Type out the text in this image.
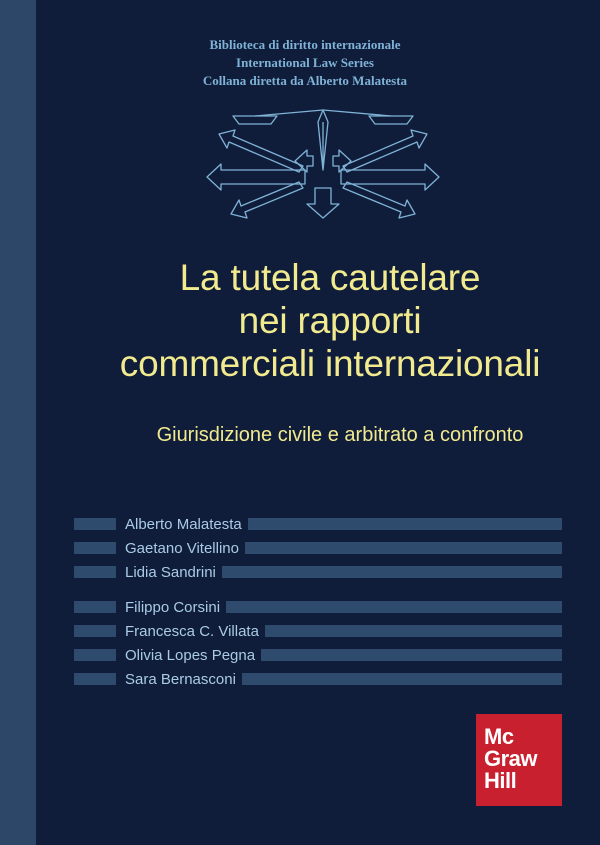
Biblioteca di diritto internazionale
International Law Series
Collana diretta da Alberto Malatesta
La tutela cautelare
nei rapporti
commerciali internazionali
Giurisdizione civile e arbitrato a confronto
Alberto Malatesta
Gaetano Vitellino
Lidia Sandrini
Filippo Corsini
Francesca C. Villata
Olivia Lopes Pegna
Sara Bernasconi
Mc
Graw
Hill
